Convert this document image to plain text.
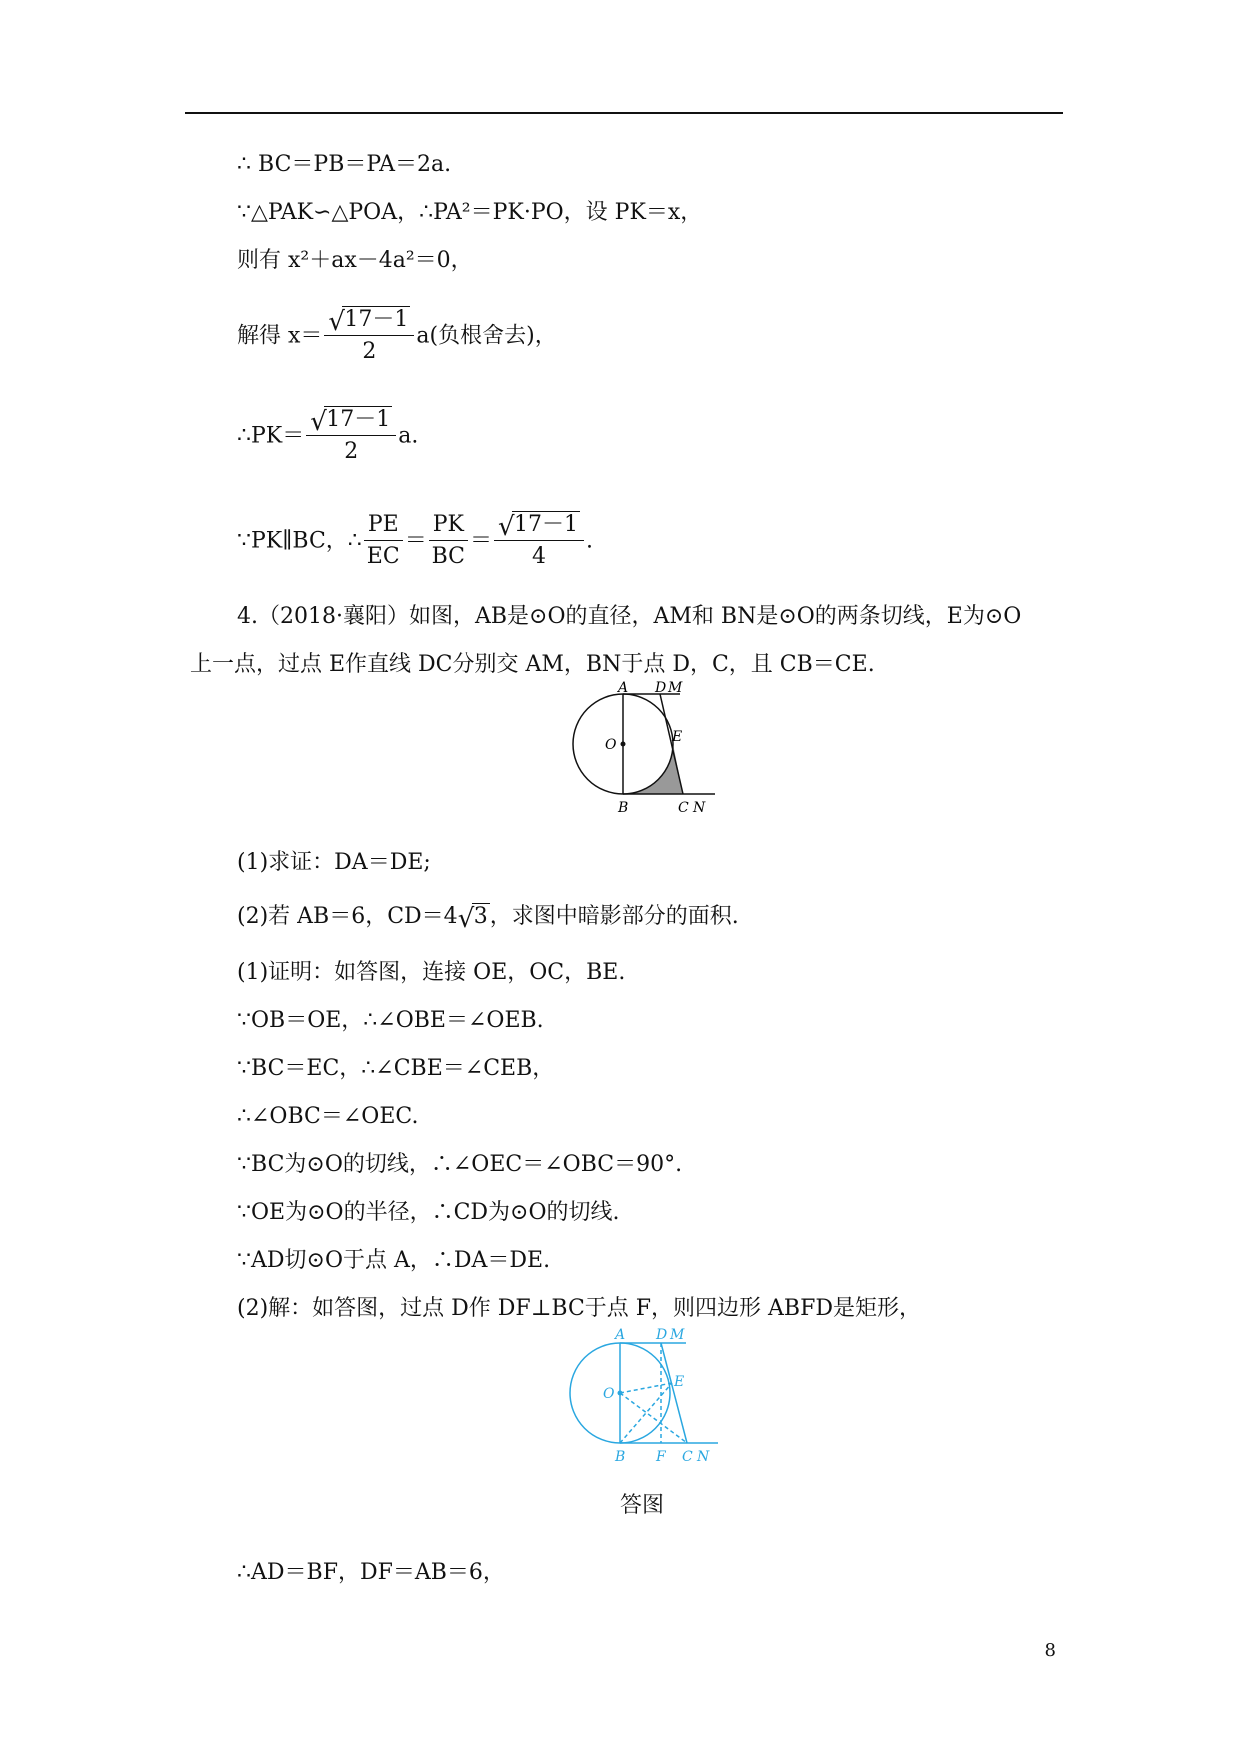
∴ BC＝PB＝PA＝2a.
∵△PAK∽△POA，∴PA²＝PK·PO，设 PK＝x，
则有 x²＋ax－4a²＝0，
解得 $x= \frac{√ 17-1}{2} a$(负根舍去)，
∴PK＝ $\frac{√ 17-1}{2} a$.
∵PK∥BC，∴ $\frac{PE}{EC} = \frac{PK}{BC} = \frac{√ 17-1}{4}$ .
4.（2018·襄阳）如图，AB是⊙O的直径，AM和 BN是⊙O的两条切线，E为⊙O
上一点，过点 E作直线 DC分别交 AM，BN于点 D，C，且 CB＝CE.
A D M
E
O
B	C N
(1)求证：DA＝DE;
(2)若 AB＝6，CD＝4 √ 3，求图中暗影部分的面积.
(1)证明：如答图，连接 OE，OC，BE.
∵OB＝OE，∴∠OBE＝∠OEB.
∵BC＝EC，∴∠CBE＝∠CEB，
∴∠OBC＝∠OEC.
∵BC为⊙O的切线，∴∠OEC＝∠OBC＝90°.
∵OE为⊙O的半径，∴CD为⊙O的切线.
∵AD切⊙O于点 A，∴DA＝DE.
(2)解：如答图，过点 D作 DF⊥BC于点 F，则四边形 ABFD是矩形，
A D M
E
O
B F C N
答图
∴AD＝BF，DF＝AB＝6，
8
